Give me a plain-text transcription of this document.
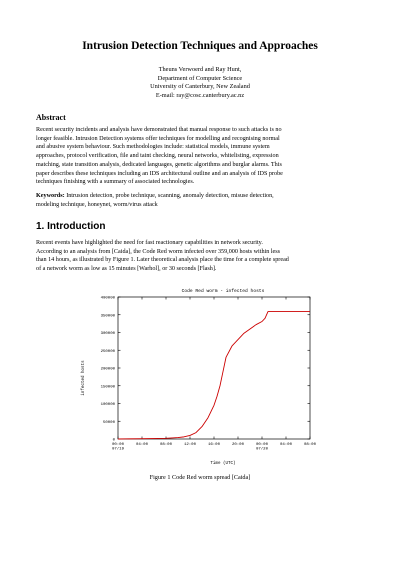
Intrusion Detection Techniques and Approaches
Theuns Verwoerd and Ray Hunt,
Department of Computer Science
University of Canterbury, New Zealand
E-mail: ray@cosc.canterbury.ac.nz
Abstract
Recent security incidents and analysis have demonstrated that manual response to such attacks is no
longer feasible. Intrusion Detection systems offer techniques for modelling and recognising normal
and abusive system behaviour. Such methodologies include: statistical models, immune system
approaches, protocol verification, file and taint checking, neural networks, whitelisting, expression
matching, state transition analysis, dedicated languages, genetic algorithms and burglar alarms. This
paper describes these techniques including an IDS architectural outline and an analysis of IDS probe
techniques finishing with a summary of associated technologies.
Keywords: Intrusion detection, probe technique, scanning, anomaly detection, misuse detection,
modeling technique, honeynet, worm/virus attack
1. Introduction
Recent events have highlighted the need for fast reactionary capabilities in network security.
According to an analysis from [Caida], the Code Red worm infected over 359,000 hosts within less
than 14 hours, as illustrated by Figure 1. Later theoretical analysis place the time for a complete spread
of a network worm as low as 15 minutes [Warhol], or 30 seconds [Flash].
Code Red worm - infected hosts
infected hosts
Time (UTC)
0
50000
100000
150000
200000
250000
300000
350000
400000
00:00
07/19
04:00	08:00	12:00	16:00	20:00	00:00
07/20
04:00	08:00
Figure 1 Code Red worm spread [Caida]
